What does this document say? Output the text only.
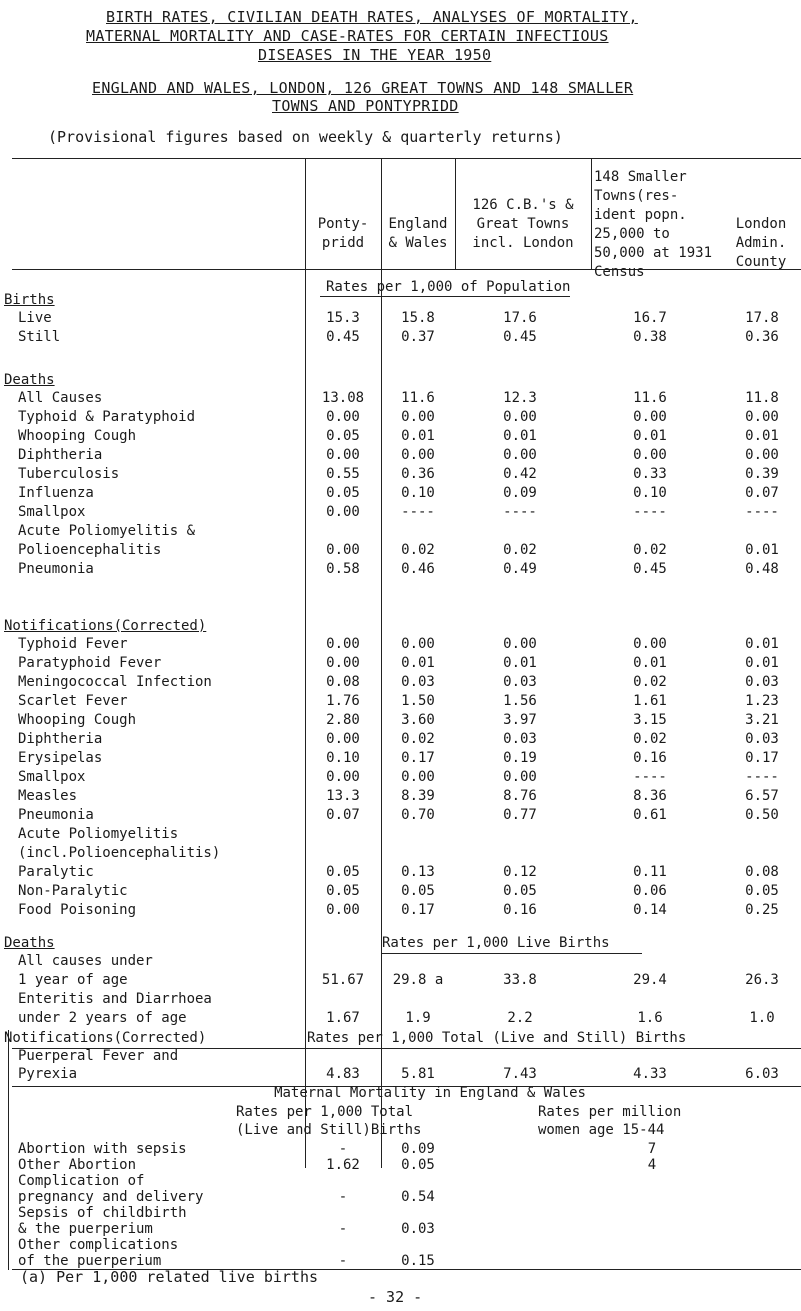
BIRTH RATES, CIVILIAN DEATH RATES, ANALYSES OF MORTALITY,
MATERNAL MORTALITY AND CASE-RATES FOR CERTAIN INFECTIOUS
DISEASES IN THE YEAR 1950
ENGLAND AND WALES, LONDON, 126 GREAT TOWNS AND 148 SMALLER
TOWNS AND PONTYPRIDD
(Provisional figures based on weekly & quarterly returns)
Ponty- pridd
England & Wales
126 C.B.'s & Great Towns incl. London
148 Smaller Towns(res- ident popn. 25,000 to 50,000 at 1931 Census
London Admin. County
Rates per 1,000 of Population
Births
Live	15.3	15.8	17.6	16.7	17.8
Still	0.45	0.37	0.45	0.38	0.36
Deaths
All Causes	13.08	11.6	12.3	11.6	11.8
Typhoid & Paratyphoid	0.00	0.00	0.00	0.00	0.00
Whooping Cough	0.05	0.01	0.01	0.01	0.01
Diphtheria	0.00	0.00	0.00	0.00	0.00
Tuberculosis	0.55	0.36	0.42	0.33	0.39
Influenza	0.05	0.10	0.09	0.10	0.07
Smallpox	0.00	----	----	----	----
Acute Poliomyelitis &
Polioencephalitis	0.00	0.02	0.02	0.02	0.01
Pneumonia	0.58	0.46	0.49	0.45	0.48
Notifications(Corrected)
Typhoid Fever	0.00	0.00	0.00	0.00	0.01
Paratyphoid Fever	0.00	0.01	0.01	0.01	0.01
Meningococcal Infection	0.08	0.03	0.03	0.02	0.03
Scarlet Fever	1.76	1.50	1.56	1.61	1.23
Whooping Cough	2.80	3.60	3.97	3.15	3.21
Diphtheria	0.00	0.02	0.03	0.02	0.03
Erysipelas	0.10	0.17	0.19	0.16	0.17
Smallpox	0.00	0.00	0.00	----	----
Measles	13.3	8.39	8.76	8.36	6.57
Pneumonia	0.07	0.70	0.77	0.61	0.50
Acute Poliomyelitis
(incl.Polioencephalitis)
Paralytic	0.05	0.13	0.12	0.11	0.08
Non-Paralytic	0.05	0.05	0.05	0.06	0.05
Food Poisoning	0.00	0.17	0.16	0.14	0.25
Deaths	Rates per 1,000 Live Births
All causes under
1 year of age	51.67	29.8 a	33.8	29.4	26.3
Enteritis and Diarrhoea
under 2 years of age	1.67	1.9	2.2	1.6	1.0
Notifications(Corrected)	Rates per 1,000 Total (Live and Still) Births
Puerperal Fever and
Pyrexia	4.83	5.81	7.43	4.33	6.03
Maternal Mortality in England & Wales
Rates per 1,000 Total
(Live and Still)Births
Rates per million
women age 15-44
Abortion with sepsis	-	0.09	7
Other Abortion	1.62	0.05	4
Complication of
pregnancy and delivery	-	0.54
Sepsis of childbirth
& the puerperium	-	0.03
Other complications
of the puerperium	-	0.15
(a) Per 1,000 related live births
- 32 -
